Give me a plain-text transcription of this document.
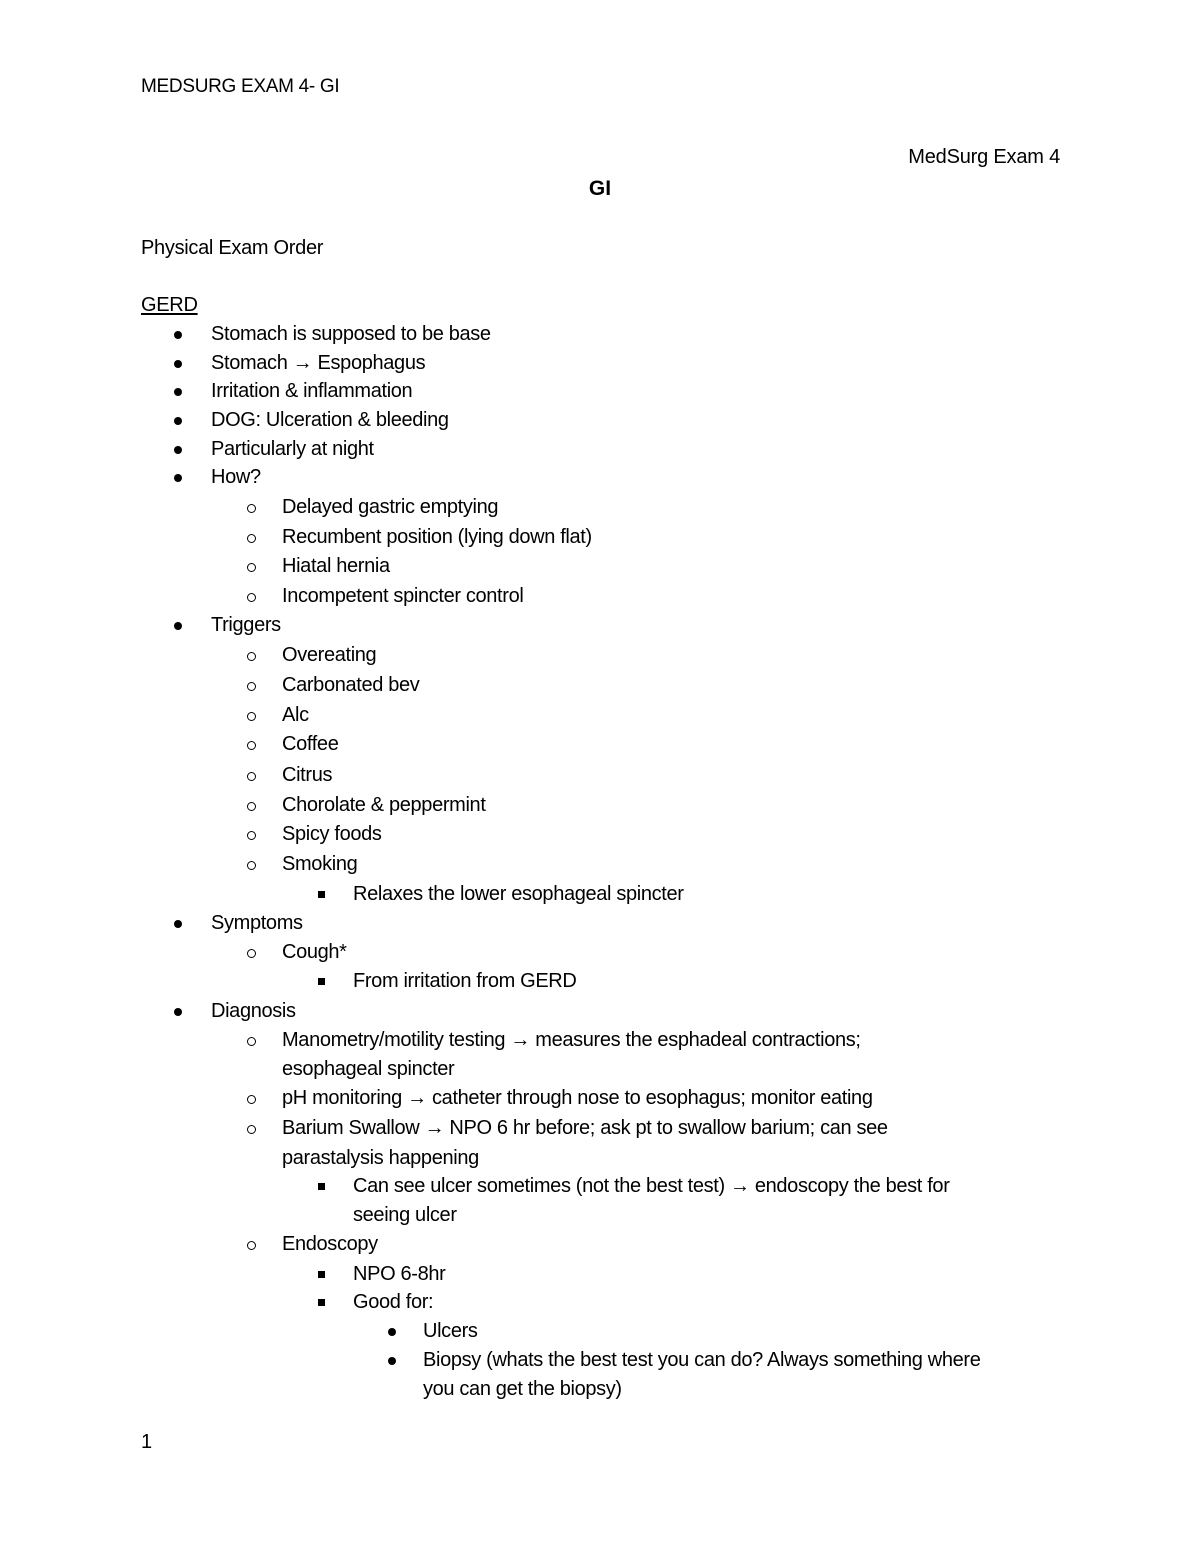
MEDSURG EXAM 4- GI
MedSurg Exam 4
GI
Physical Exam Order
GERD
Stomach is supposed to be base
Stomach → Espophagus
Irritation & inflammation
DOG: Ulceration & bleeding
Particularly at night
How?
Delayed gastric emptying
Recumbent position (lying down flat)
Hiatal hernia
Incompetent spincter control
Triggers
Overeating
Carbonated bev
Alc
Coffee
Citrus
Chorolate & peppermint
Spicy foods
Smoking
Relaxes the lower esophageal spincter
Symptoms
Cough*
From irritation from GERD
Diagnosis
Manometry/motility testing → measures the esphadeal contractions;
esophageal spincter
pH monitoring → catheter through nose to esophagus; monitor eating
Barium Swallow → NPO 6 hr before; ask pt to swallow barium; can see
parastalysis happening
Can see ulcer sometimes (not the best test) → endoscopy the best for
seeing ulcer
Endoscopy
NPO 6-8hr
Good for:
Ulcers
Biopsy (whats the best test you can do? Always something where
you can get the biopsy)
1
